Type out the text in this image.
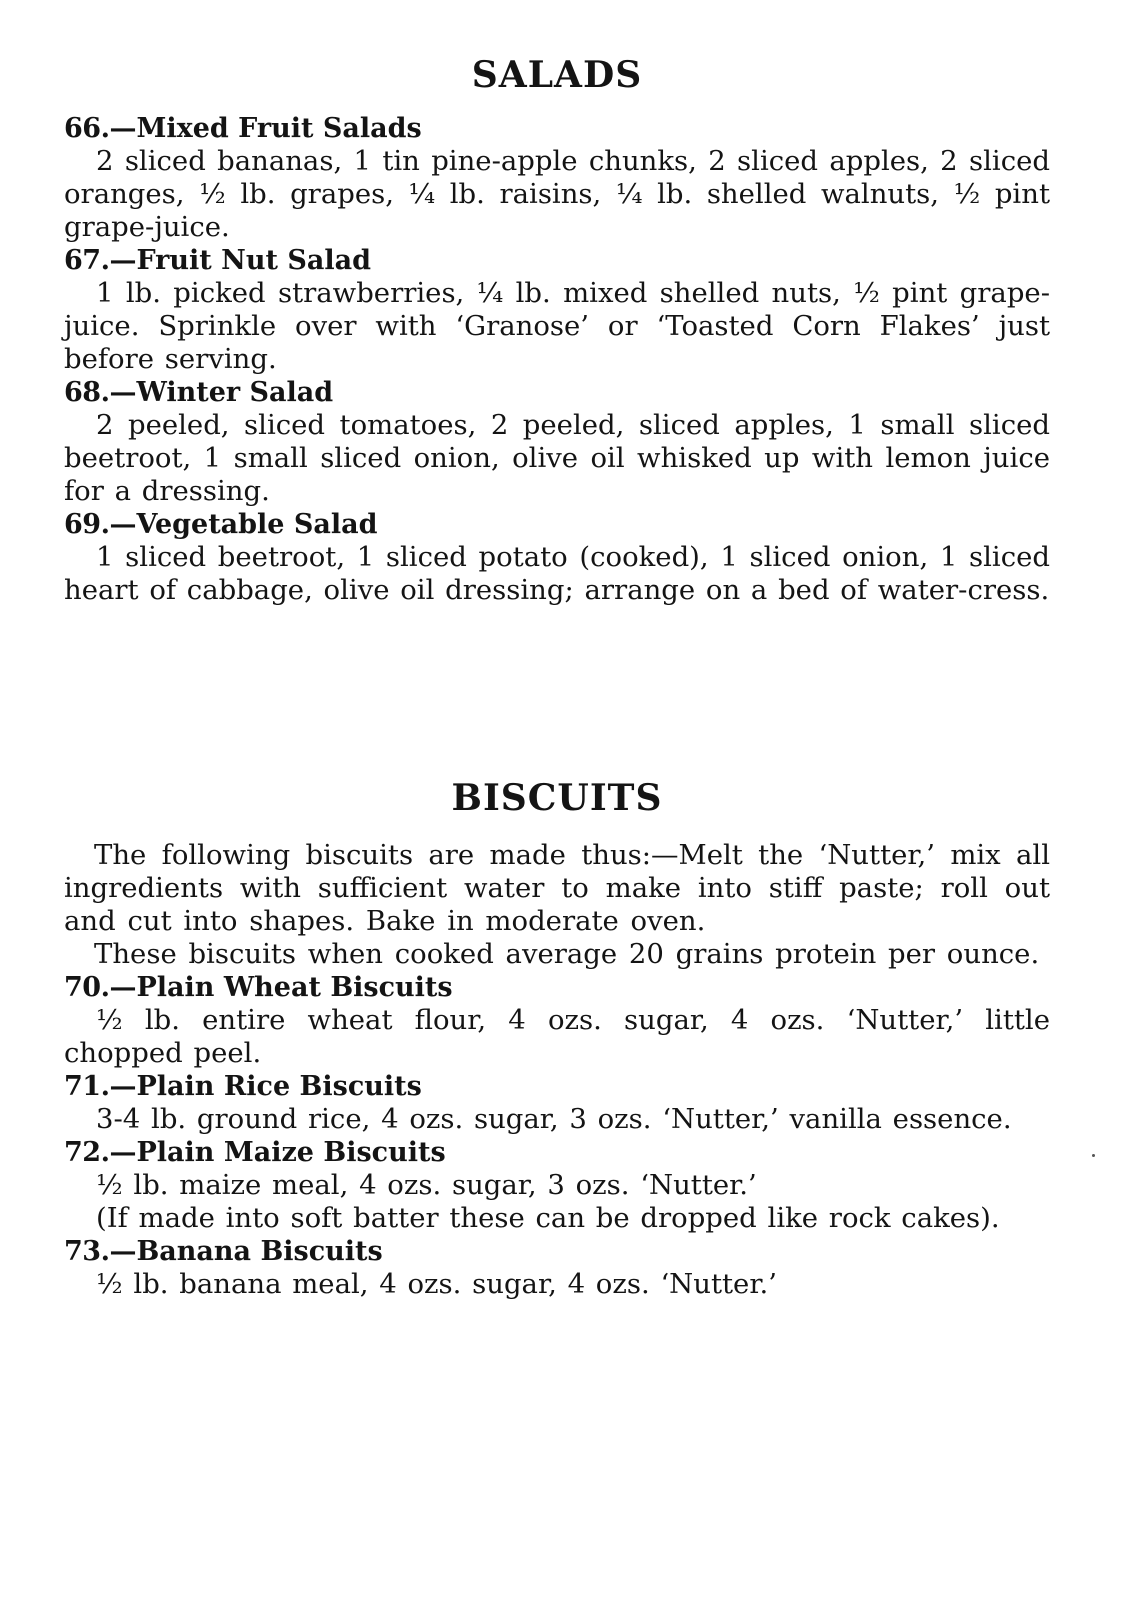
SALADS

66.—Mixed Fruit Salads

2 sliced bananas, 1 tin pine-apple chunks, 2 sliced apples, 2 sliced oranges, ½ lb. grapes, ¼ lb. raisins, ¼ lb. shelled walnuts, ½ pint grape-juice.

67.—Fruit Nut Salad

1 lb. picked strawberries, ¼ lb. mixed shelled nuts, ½ pint grape-juice. Sprinkle over with ‘Granose’ or ‘Toasted Corn Flakes’ just before serving.

68.—Winter Salad

2 peeled, sliced tomatoes, 2 peeled, sliced apples, 1 small sliced beetroot, 1 small sliced onion, olive oil whisked up with lemon juice for a dressing.

69.—Vegetable Salad

1 sliced beetroot, 1 sliced potato (cooked), 1 sliced onion, 1 sliced heart of cabbage, olive oil dressing; arrange on a bed of water-cress.

BISCUITS

The following biscuits are made thus:—Melt the ‘Nutter,’ mix all ingredients with sufficient water to make into stiff paste; roll out and cut into shapes. Bake in moderate oven.

These biscuits when cooked average 20 grains protein per ounce.

70.—Plain Wheat Biscuits

½ lb. entire wheat flour, 4 ozs. sugar, 4 ozs. ‘Nutter,’ little chopped peel.

71.—Plain Rice Biscuits

3-4 lb. ground rice, 4 ozs. sugar, 3 ozs. ‘Nutter,’ vanilla essence.

72.—Plain Maize Biscuits

½ lb. maize meal, 4 ozs. sugar, 3 ozs. ‘Nutter.’

(If made into soft batter these can be dropped like rock cakes).

73.—Banana Biscuits

½ lb. banana meal, 4 ozs. sugar, 4 ozs. ‘Nutter.’
